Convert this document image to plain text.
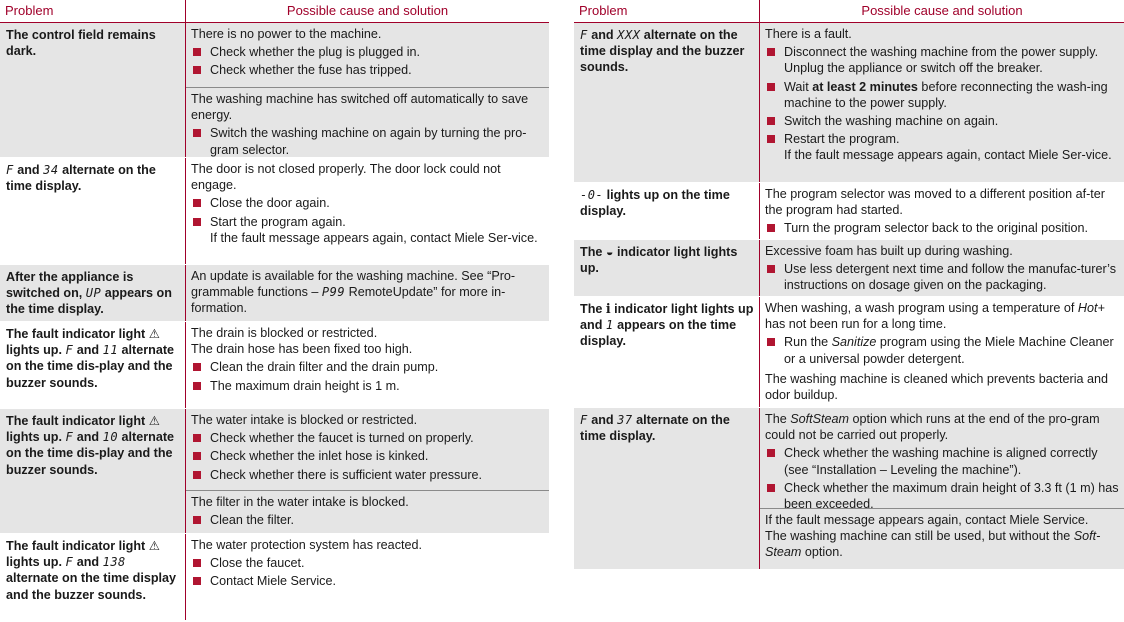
Problem	Possible cause and solution
The control field remains dark.

There is no power to the machine.

Check whether the plug is plugged in.
Check whether the fuse has tripped.

The washing machine has switched off automatically to save energy.

Switch the washing machine on again by turning the pro-gram selector.
F and 34 alternate on the time display.

The door is not closed properly. The door lock could not engage.

Close the door again.
Start the program again.
If the fault message appears again, contact Miele Ser-vice.
After the appliance is switched on, UP appears on the time display.

An update is available for the washing machine. See “Pro-grammable functions – P99 RemoteUpdate” for more in-formation.

The fault indicator light ⚠ lights up. F and 11 alternate on the time dis-play and the buzzer sounds.

The drain is blocked or restricted.

The drain hose has been fixed too high.

Clean the drain filter and the drain pump.
The maximum drain height is 1 m.
The fault indicator light ⚠ lights up. F and 10 alternate on the time dis-play and the buzzer sounds.

The water intake is blocked or restricted.

Check whether the faucet is turned on properly.
Check whether the inlet hose is kinked.
Check whether there is sufficient water pressure.

The filter in the water intake is blocked.

Clean the filter.
The fault indicator light ⚠ lights up. F and 138 alternate on the time display and the buzzer sounds.

The water protection system has reacted.

Close the faucet.
Contact Miele Service.
Problem	Possible cause and solution
F and XXX alternate on the time display and the buzzer sounds.

There is a fault.

Disconnect the washing machine from the power supply. Unplug the appliance or switch off the breaker.
Wait at least 2 minutes before reconnecting the wash-ing machine to the power supply.
Switch the washing machine on again.
Restart the program.
If the fault message appears again, contact Miele Ser-vice.
-0- lights up on the time display.

The program selector was moved to a different position af-ter the program had started.

Turn the program selector back to the original position.
The ◒ indicator light lights up.

Excessive foam has built up during washing.

Use less detergent next time and follow the manufac-turer’s instructions on dosage given on the packaging.
The i indicator light lights up and 1 appears on the time display.

When washing, a wash program using a temperature of Hot+ has not been run for a long time.

Run the Sanitize program using the Miele Machine Cleaner or a universal powder detergent.

The washing machine is cleaned which prevents bacteria and odor buildup.

F and 37 alternate on the time display.

The SoftSteam option which runs at the end of the pro-gram could not be carried out properly.

Check whether the washing machine is aligned correctly (see “Installation – Leveling the machine”).
Check whether the maximum drain height of 3.3 ft (1 m) has been exceeded.

If the fault message appears again, contact Miele Service.

The washing machine can still be used, but without the Soft-Steam option.
